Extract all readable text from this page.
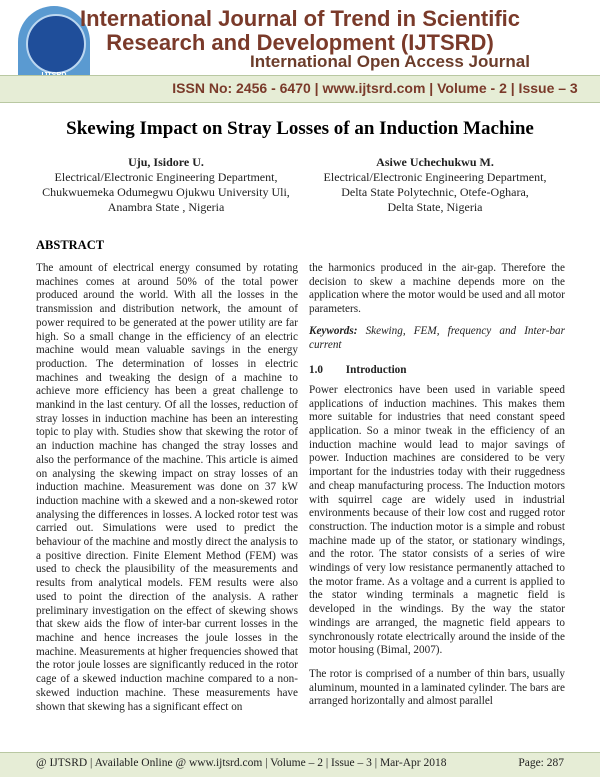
International Journal of Trend in Scientific
Research and Development (IJTSRD)
International Open Access Journal
ISSN No: 2456 - 6470 | www.ijtsrd.com | Volume - 2 | Issue – 3
Skewing Impact on Stray Losses of an Induction Machine
Uju, Isidore U.
Electrical/Electronic Engineering Department,
Chukwuemeka Odumegwu Ojukwu University Uli,
Anambra State , Nigeria
Asiwe Uchechukwu M.
Electrical/Electronic Engineering Department,
Delta State Polytechnic, Otefe-Oghara,
Delta State, Nigeria
ABSTRACT
The amount of electrical energy consumed by rotating machines comes at around 50% of the total power produced around the world. With all the losses in the transmission and distribution network, the amount of power required to be generated at the power utility are far high. So a small change in the efficiency of an electric machine would mean valuable savings in the energy production. The determination of losses in electric machines and tweaking the design of a machine to achieve more efficiency has been a great challenge to mankind in the last century. Of all the losses, reduction of stray losses in induction machine has been an interesting topic to play with. Studies show that skewing the rotor of an induction machine has changed the stray losses and also the performance of the machine. This article is aimed on analysing the skewing impact on stray losses of an induction machine. Measurement was done on 37 kW induction machine with a skewed and a non-skewed rotor analysing the differences in losses. A locked rotor test was carried out. Simulations were used to predict the behaviour of the machine and mostly direct the analysis to a positive direction. Finite Element Method (FEM) was used to check the plausibility of the measurements and results from analytical models. FEM results were also used to point the direction of the analysis. A rather preliminary investigation on the effect of skewing shows that skew aids the flow of inter-bar current losses in the machine and hence increases the joule losses in the machine. Measurements at higher frequencies showed that the rotor joule losses are significantly reduced in the rotor cage of a skewed induction machine compared to a non-skewed induction machine. These measurements have shown that skewing has a significant effect on
the harmonics produced in the air-gap. Therefore the decision to skew a machine depends more on the application where the motor would be used and all motor parameters.
Keywords: Skewing, FEM, frequency and Inter-bar current
1.0 Introduction
Power electronics have been used in variable speed applications of induction machines. This makes them more suitable for industries that need constant speed application. So a minor tweak in the efficiency of an induction machine would lead to major savings of power. Induction machines are considered to be very important for the industries today with their ruggedness and cheap manufacturing process. The Induction motors with squirrel cage are widely used in industrial environments because of their low cost and rugged rotor construction. The induction motor is a simple and robust machine made up of the stator, or stationary windings, and the rotor. The stator consists of a series of wire windings of very low resistance permanently attached to the motor frame. As a voltage and a current is applied to the stator winding terminals a magnetic field is developed in the windings. By the way the stator windings are arranged, the magnetic field appears to synchronously rotate electrically around the inside of the motor housing (Bimal, 2007).
The rotor is comprised of a number of thin bars, usually aluminum, mounted in a laminated cylinder. The bars are arranged horizontally and almost parallel
@ IJTSRD | Available Online @ www.ijtsrd.com | Volume – 2 | Issue – 3 | Mar-Apr 2018	Page: 287
